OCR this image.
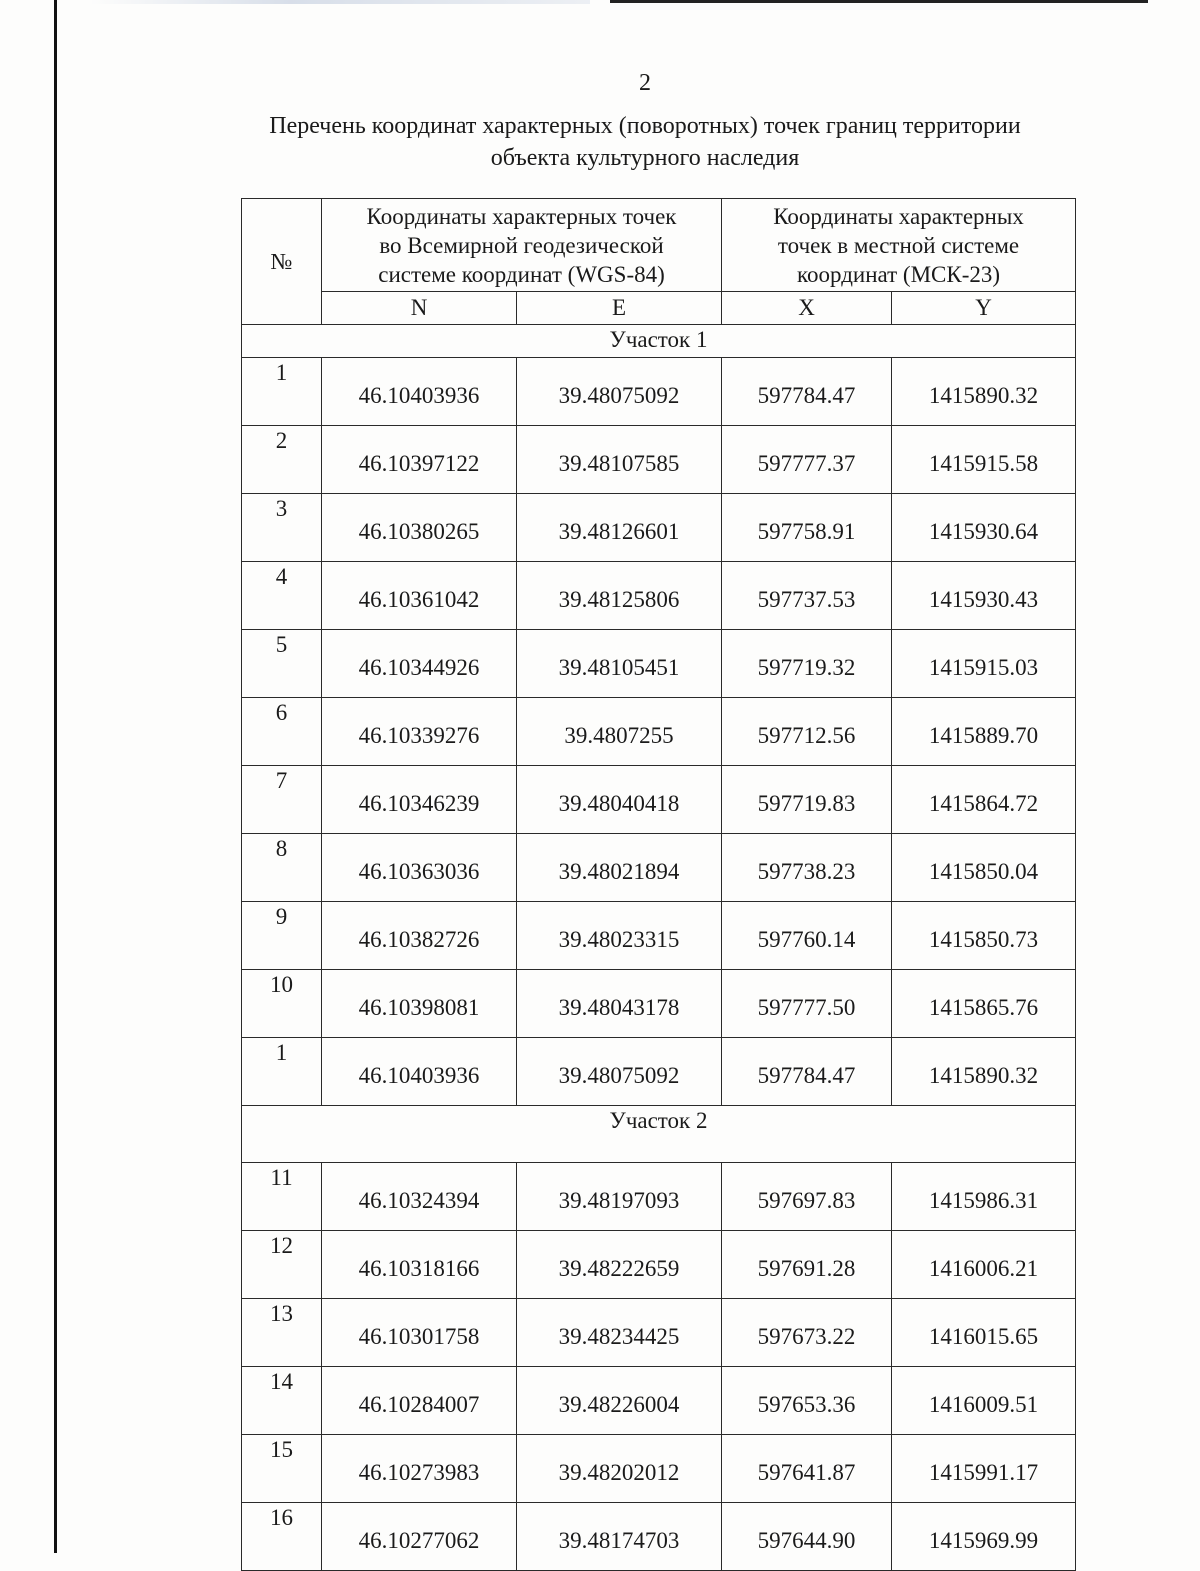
2
Перечень координат характерных (поворотных) точек границ территории
объекта культурного наследия
№	Координаты характерных точек
во Всемирной геодезической
системе координат (WGS-84)		Координаты характерных
точек в местной системе
координат (МСК-23)	

	N	E	X	Y
Участок 1				
1	46.10403936	39.48075092	597784.47	1415890.32
2	46.10397122	39.48107585	597777.37	1415915.58
3	46.10380265	39.48126601	597758.91	1415930.64
4	46.10361042	39.48125806	597737.53	1415930.43
5	46.10344926	39.48105451	597719.32	1415915.03
6	46.10339276	39.4807255	597712.56	1415889.70
7	46.10346239	39.48040418	597719.83	1415864.72
8	46.10363036	39.48021894	597738.23	1415850.04
9	46.10382726	39.48023315	597760.14	1415850.73
10	46.10398081	39.48043178	597777.50	1415865.76
1	46.10403936	39.48075092	597784.47	1415890.32
Участок 2				
11	46.10324394	39.48197093	597697.83	1415986.31
12	46.10318166	39.48222659	597691.28	1416006.21
13	46.10301758	39.48234425	597673.22	1416015.65
14	46.10284007	39.48226004	597653.36	1416009.51
15	46.10273983	39.48202012	597641.87	1415991.17
16	46.10277062	39.48174703	597644.90	1415969.99
